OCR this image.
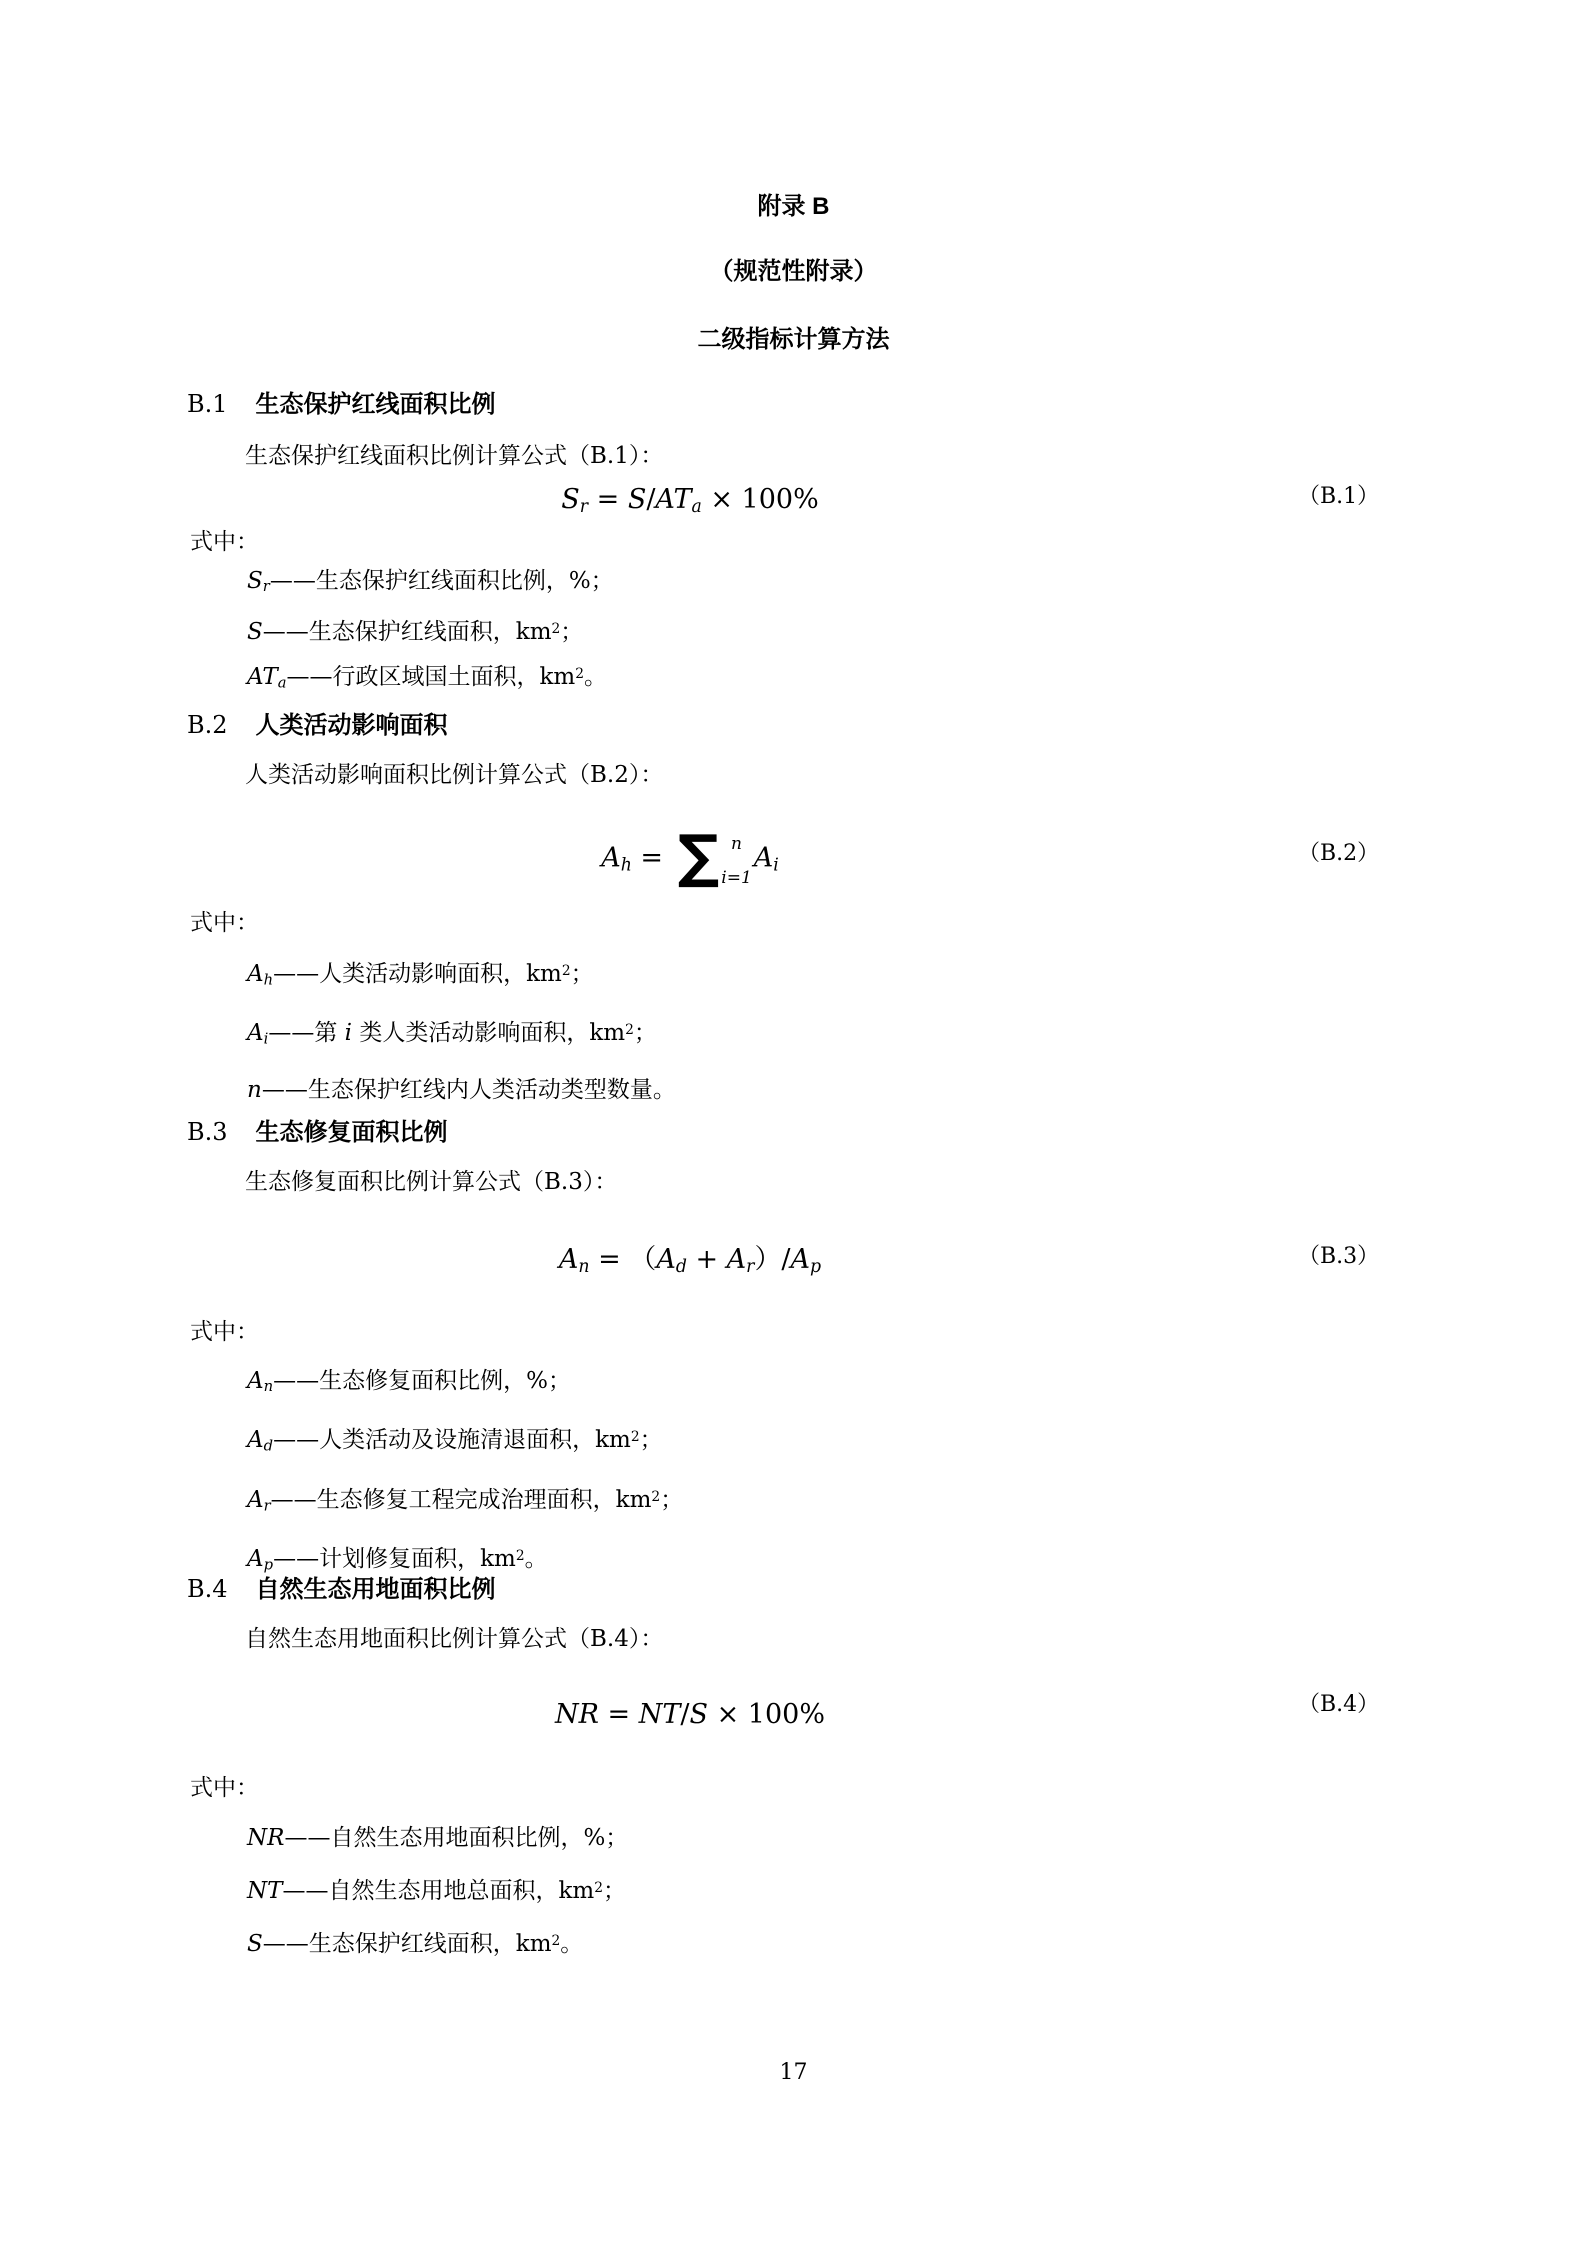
附录 B
（规范性附录）
二级指标计算方法
B.1 生态保护红线面积比例
生态保护红线面积比例计算公式（B.1）：
Sr = S/ATa × 100%	（B.1）
式中：
Sr——生态保护红线面积比例，%；
S——生态保护红线面积，$km^2$；
ATa——行政区域国土面积，$km^2$。
B.2 人类活动影响面积
人类活动影响面积比例计算公式（B.2）：
Ah = ∑ n
i=1
Ai	（B.2）
式中：
Ah——人类活动影响面积，$km^2$；
Ai——第 i 类人类活动影响面积，$km^2$；
n——生态保护红线内人类活动类型数量。
B.3 生态修复面积比例
生态修复面积比例计算公式（B.3）：
An = （Ad + Ar）/Ap	（B.3）
式中：
An——生态修复面积比例，%；
Ad——人类活动及设施清退面积，$km^2$；
Ar——生态修复工程完成治理面积，$km^2$；
Ap——计划修复面积，$km^2$。
B.4 自然生态用地面积比例
自然生态用地面积比例计算公式（B.4）：
NR = NT/S × 100%	（B.4）
式中：
NR——自然生态用地面积比例，%；
NT——自然生态用地总面积，$km^2$；
S——生态保护红线面积，$km^2$。
17
